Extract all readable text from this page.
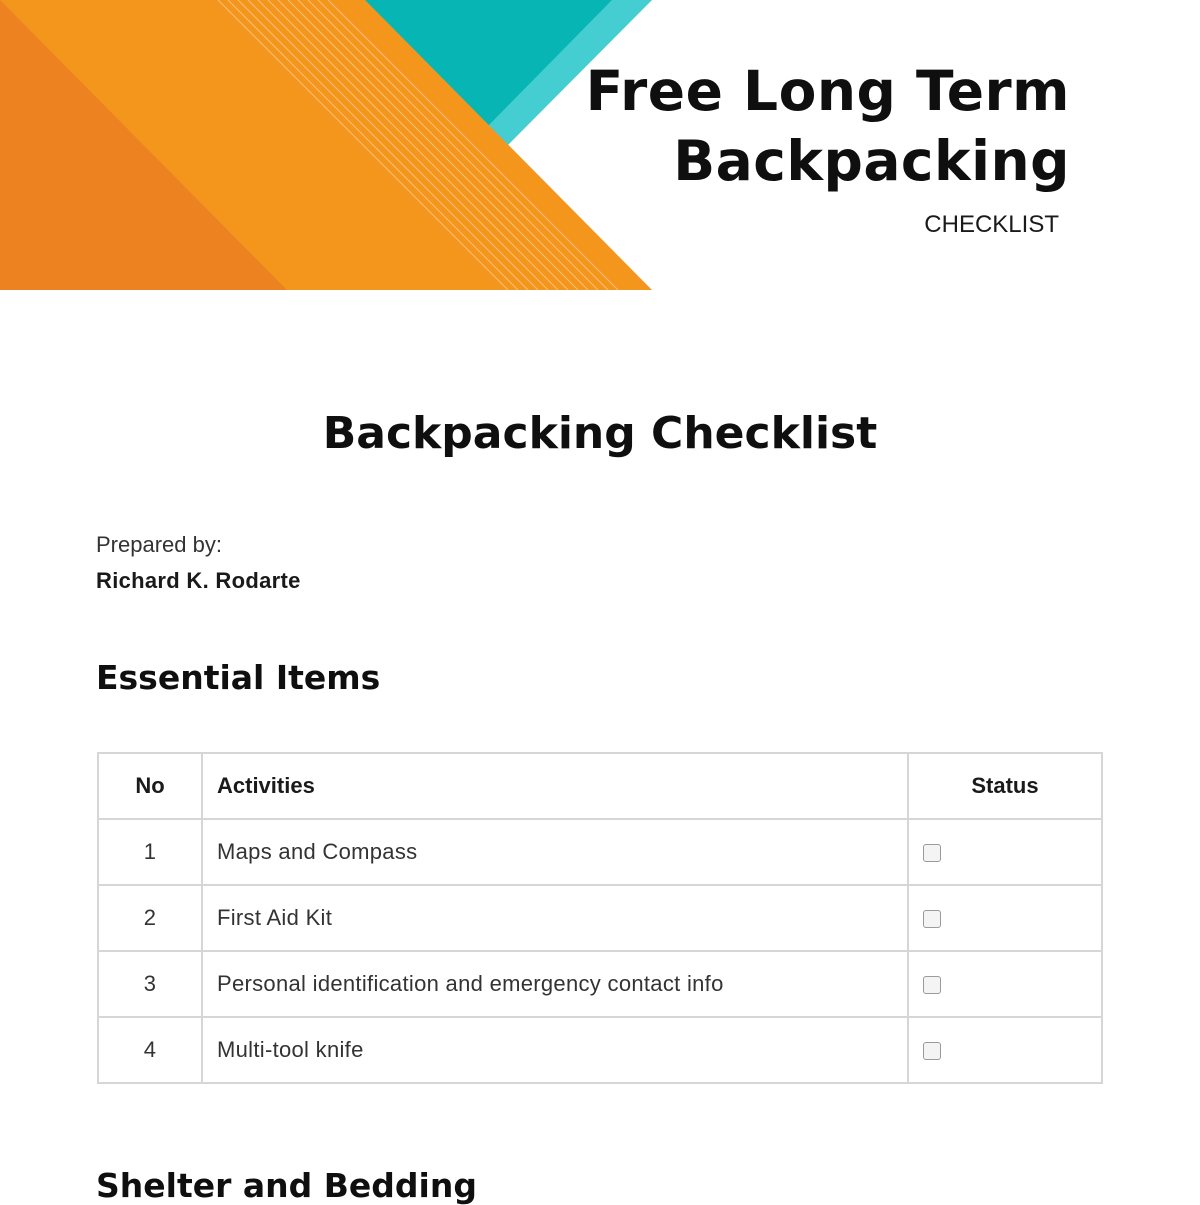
Free Long Term
Backpacking
CHECKLIST
Backpacking Checklist
Prepared by:
Richard K. Rodarte
Essential Items
No	Activities	Status
1	Maps and Compass	
2	First Aid Kit	
3	Personal identification and emergency contact info	
4	Multi-tool knife	
Shelter and Bedding
